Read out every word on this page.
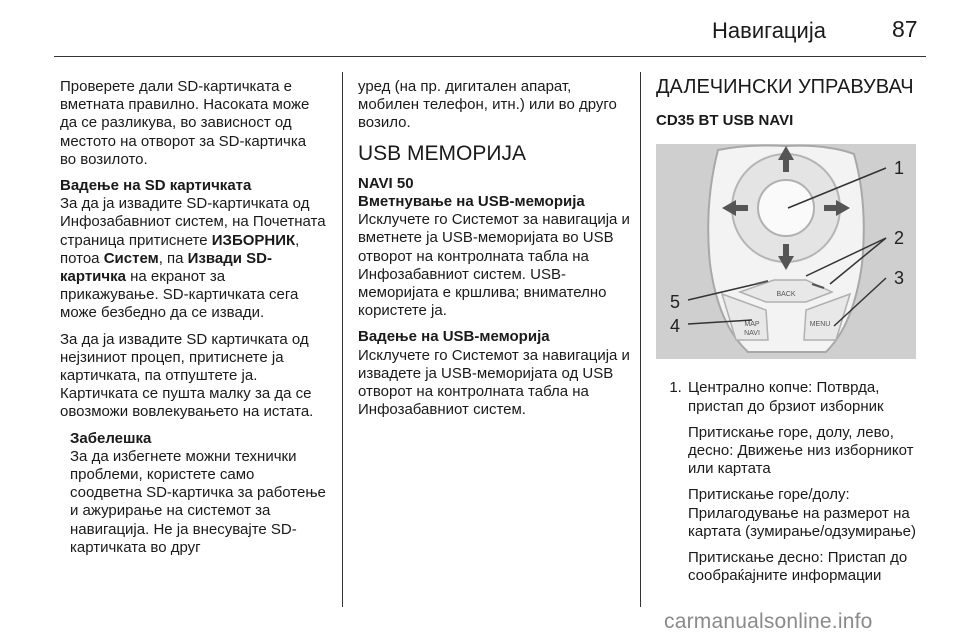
Навигација	87

Проверете дали SD-картичката е вметната правилно. Насоката може да се разликува, во зависност од местото на отворот за SD-картичка во возилото.

Вадење на SD картичката
За да ја извадите SD-картичката од Инфозабавниот систем, на Почетната страница притиснете ИЗБОРНИК, потоа Систем, па Извади SD-картичка на екранот за прикажување. SD-картичката сега може безбедно да се извади.

За да ја извадите SD картичката од нејзиниот процеп, притиснете ја картичката, па отпуштете ја. Картичката се пушта малку за да се овозможи вовлекувањето на истата.

Забелешка
За да избегнете можни технички проблеми, користете само соодветна SD-картичка за работење и ажурирање на системот за навигација. Не ја внесувајте SD-картичката во друг

уред (на пр. дигитален апарат, мобилен телефон, итн.) или во друго возило.

USB МЕМОРИЈА
NAVI 50
Вметнување на USB-меморија
Исклучете го Системот за навигација и вметнете ја USB-меморијата во USB отворот на контролната табла на Инфозабавниот систем. USB-меморијата е кршлива; внимателно користете ја.
Вадење на USB-меморија
Исклучете го Системот за навигација и извадете ја USB-меморијата од USB отворот на контролната табла на Инфозабавниот систем.
ДАЛЕЧИНСКИ УПРАВУВАЧ
CD35 BT USB NAVI
BACK
MENU
MAP
NAVI
1
2
3
4
5

1. Централно копче: Потврда, пристап до брзиот изборник

Притискање горе, долу, лево, десно: Движење низ изборникот или картата

Притискање горе/долу: Прилагодување на размерот на картата (зумирање/одзумирање)

Притискање десно: Пристап до сообраќајните информации

carmanualsonline.info
